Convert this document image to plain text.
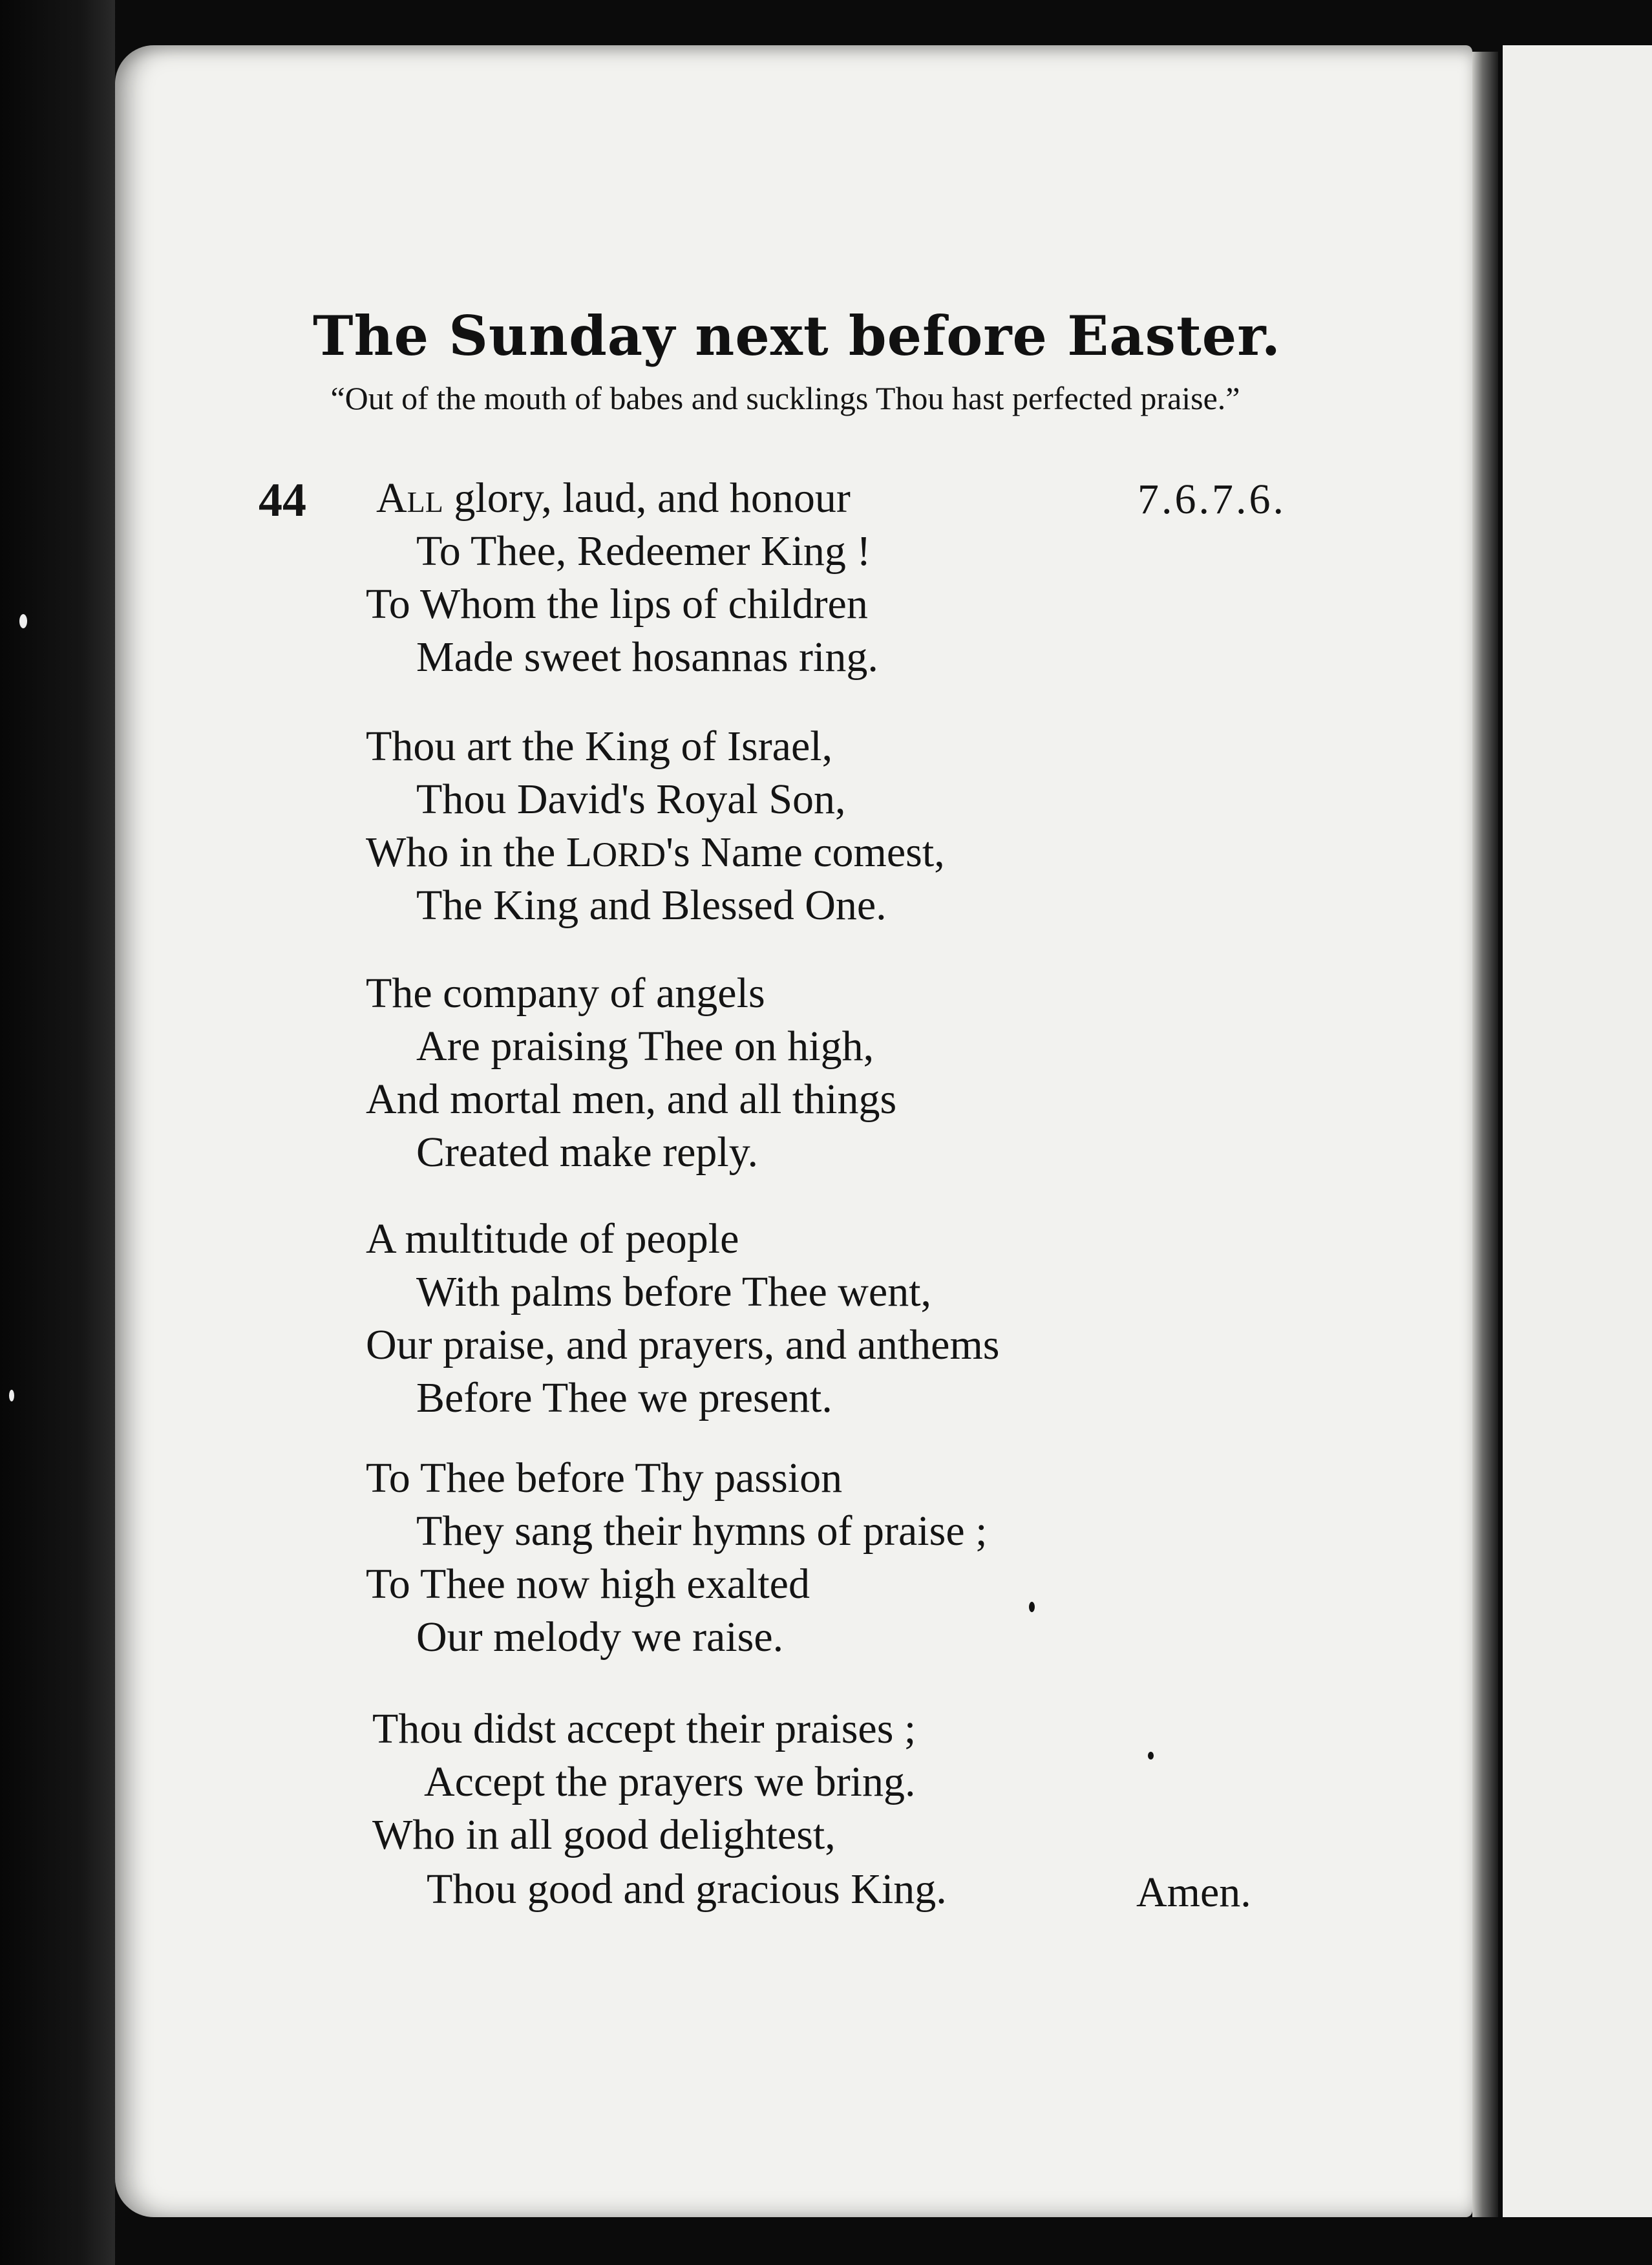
The Sunday next before Easter.
“Out of the mouth of babes and sucklings Thou hast perfected praise.”
44	7.6.7.6.
All glory, laud, and honour
To Thee, Redeemer King !
To Whom the lips of children
Made sweet hosannas ring.
Thou art the King of Israel,
Thou David's Royal Son,
Who in the LORD's Name comest,
The King and Blessed One.
The company of angels
Are praising Thee on high,
And mortal men, and all things
Created make reply.
A multitude of people
With palms before Thee went,
Our praise, and prayers, and anthems
Before Thee we present.
To Thee before Thy passion
They sang their hymns of praise ;
To Thee now high exalted
Our melody we raise.
Thou didst accept their praises ;
Accept the prayers we bring.
Who in all good delightest,
Thou good and gracious King.	Amen.
